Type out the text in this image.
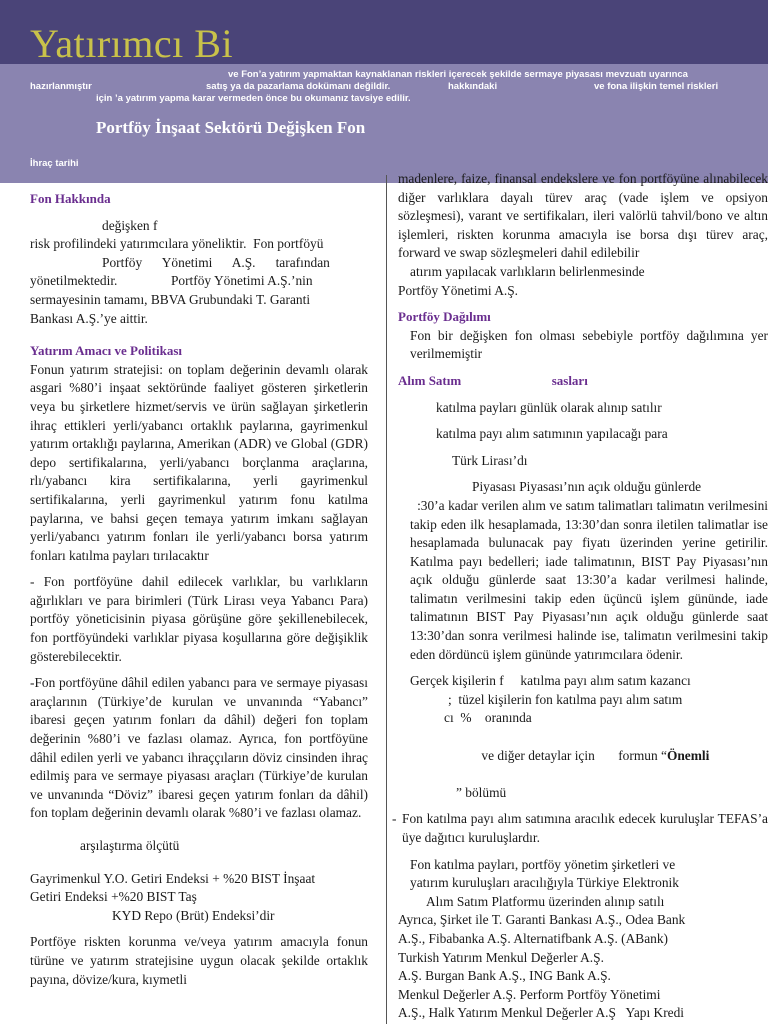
Yatırımcı Bi
ve Fon’a yatırım yapmaktan kaynaklanan riskleri içerecek şekilde sermaye piyasası mevzuatı uyarınca
hazırlanmıştır	satış ya da pazarlama dokümanı değildir.	hakkındaki	ve fona ilişkin temel riskleri
için ’a yatırım yapma karar vermeden önce bu okumanız tavsiye edilir.
Portföy İnşaat Sektörü Değişken Fon
İhraç tarihi
Fon Hakkında
değişken f
risk profilindeki yatırımcılara yöneliktir.  Fon portföyü
Portföy      Yönetimi      A.Ş.      tarafından
yönetilmektedir.                Portföy Yönetimi A.Ş.’nin
sermayesinin tamamı, BBVA Grubundaki T. Garanti
Bankası A.Ş.’ye aittir.
Yatırım Amacı ve Politikası
Fonun yatırım stratejisi: on toplam değerinin devamlı olarak asgari %80’i inşaat sektöründe faaliyet gösteren şirketlerin veya bu şirketlere hizmet/servis ve ürün sağlayan şirketlerin ihraç ettikleri yerli/yabancı ortaklık paylarına, gayrimenkul yatırım ortaklığı paylarına, Amerikan (ADR) ve Global (GDR) depo sertifikalarına, yerli/yabancı borçlanma araçlarına, rlı/yabancı kira sertifikalarına, yerli gayrimenkul sertifikalarına, yerli gayrimenkul yatırım fonu katılma paylarına, ve bahsi geçen temaya yatırım imkanı sağlayan yerli/yabancı yatırım fonları ile yerli/yabancı borsa yatırım fonları katılma payları tırılacaktır
- Fon portföyüne dahil edilecek varlıklar, bu varlıkların ağırlıkları ve para birimleri (Türk Lirası veya Yabancı Para) portföy yöneticisinin piyasa görüşüne göre şekillenebilecek, fon portföyündeki varlıklar piyasa koşullarına göre değişiklik gösterebilecektir.
-Fon portföyüne dâhil edilen yabancı para ve sermaye piyasası araçlarının (Türkiye’de kurulan ve unvanında “Yabancı” ibaresi geçen yatırım fonları da dâhil) değeri fon toplam değerinin %80’i ve fazlası olamaz. Ayrıca, fon portföyüne dâhil edilen yerli ve yabancı ihraççıların döviz cinsinden ihraç edilmiş para ve sermaye piyasası araçları (Türkiye’de kurulan ve unvanında “Döviz” ibaresi geçen yatırım fonları da dâhil) fon toplam değerinin devamlı olarak %80’i ve fazlası olamaz.
arşılaştırma ölçütü
Gayrimenkul Y.O. Getiri Endeksi + %20 BIST İnşaat
Getiri Endeksi +%20 BIST Taş
KYD Repo (Brüt) Endeksi’dir
Portföye riskten korunma ve/veya yatırım amacıyla fonun türüne ve yatırım stratejisine uygun olacak şekilde ortaklık payına, dövize/kura, kıymetli
madenlere, faize, finansal endekslere ve fon portföyüne alınabilecek diğer varlıklara dayalı türev araç (vade işlem ve opsiyon sözleşmesi), varant ve sertifikaları, ileri valörlü tahvil/bono ve altın işlemleri, riskten korunma amacıyla ise borsa dışı türev araç, forward ve swap sözleşmeleri dahil edilebilir
atırım yapılacak varlıkların belirlenmesinde
Portföy Yönetimi A.Ş.
Portföy Dağılımı
Fon bir değişken fon olması sebebiyle portföy dağılımına yer verilmemiştir
Alım Satım	sasları
katılma payları günlük olarak alınıp satılır
katılma payı alım satımının yapılacağı para
Türk Lirası’dı
Piyasası Piyasası’nın açık olduğu günlerde
:30’a kadar verilen alım ve satım talimatları talimatın verilmesini takip eden ilk hesaplamada, 13:30’dan sonra iletilen talimatlar ise hesaplamada bulunacak pay fiyatı üzerinden yerine getirilir. Katılma payı bedelleri; iade talimatının, BIST Pay Piyasası’nın açık olduğu günlerde saat 13:30’a kadar verilmesi halinde, talimatın verilmesini takip eden üçüncü işlem gününde, iade talimatının BIST Pay Piyasası’nın açık olduğu günlerde saat 13:30’dan sonra verilmesi halinde ise, talimatın verilmesini takip eden dördüncü işlem gününde yatırımcılara ödenir.
Gerçek kişilerin f     katılma payı alım satım kazancı
;  tüzel kişilerin fon katılma payı alım satım
cı  %    oranında

ve diğer detaylar için       formun “Önemli

” bölümü
- Fon katılma payı alım satımına aracılık edecek kuruluşlar TEFAS’a üye dağıtıcı kuruluşlardır.
Fon katılma payları, portföy yönetim şirketleri ve
yatırım kuruluşları aracılığıyla Türkiye Elektronik
Alım Satım Platformu üzerinden alınıp satılı
Ayrıca, Şirket ile T. Garanti Bankası A.Ş., Odea Bank
A.Ş., Fibabanka A.Ş. Alternatifbank A.Ş. (ABank)
Turkish Yatırım Menkul Değerler A.Ş.
A.Ş. Burgan Bank A.Ş., ING Bank A.Ş.
Menkul Değerler A.Ş. Perform Portföy Yönetimi
A.Ş., Halk Yatırım Menkul Değerler A.Ş   Yapı Kredi
